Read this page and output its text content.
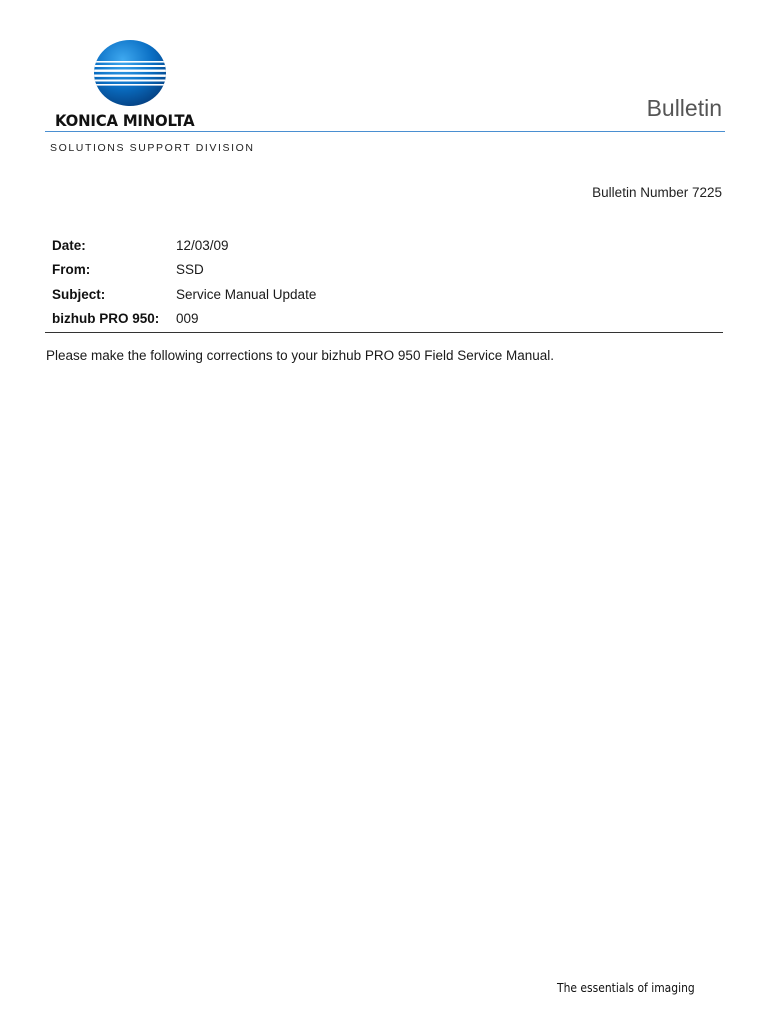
KONICA MINOLTA	Bulletin
SOLUTIONS SUPPORT DIVISION
Bulletin Number 7225
Date:	12/03/09
From:	SSD
Subject:	Service Manual Update
bizhub PRO 950:	009
Please make the following corrections to your bizhub PRO 950 Field Service Manual.
The essentials of imaging
